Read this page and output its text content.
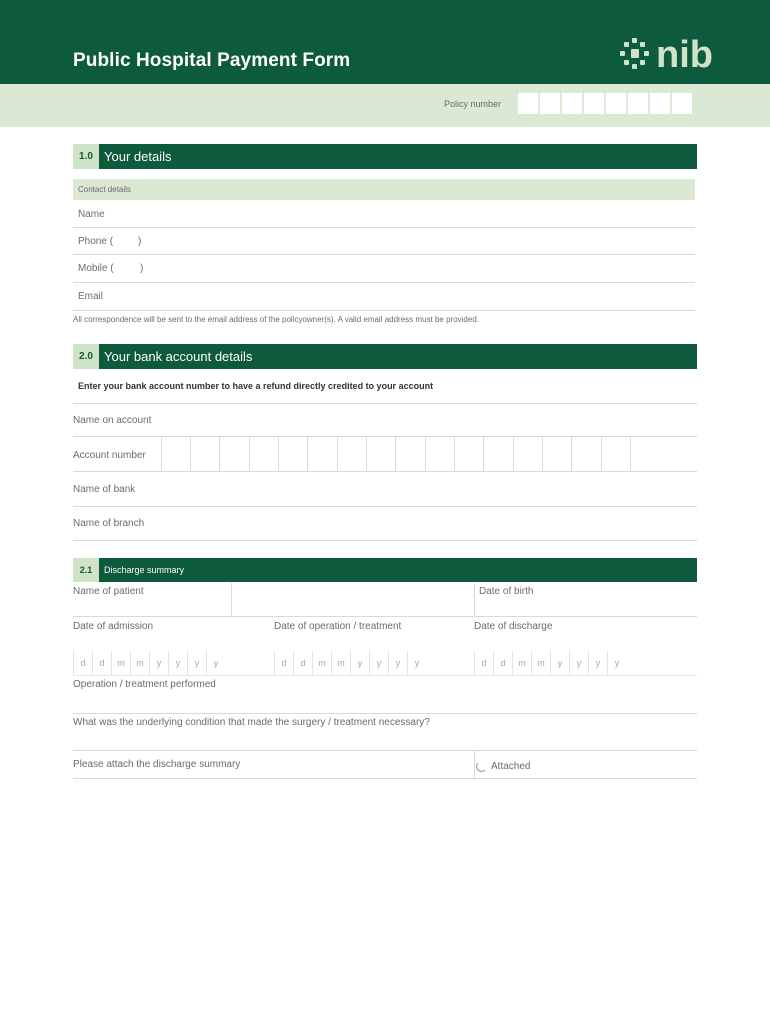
Public Hospital Payment Form	nib
Policy number
1.0 Your details
Contact details
Name
Phone ( )
Mobile (	)
Email
All correspondence will be sent to the email address of the policyowner(s). A valid email address must be provided.
2.0 Your bank account details
Enter your bank account number to have a refund directly credited to your account
Name on account
Account number
Name of bank
Name of branch
2.1	Discharge summary
Name of patient	Date of birth
Date of admission	Date of operation / treatment	Date of discharge
d	d	m	m	y	y	y	y	d	d	m	m	y	y	y	y	d	d	m	m	y	y	y	y
Operation / treatment performed
What was the underlying condition that made the surgery / treatment necessary?
Please attach the discharge summary	Attached
